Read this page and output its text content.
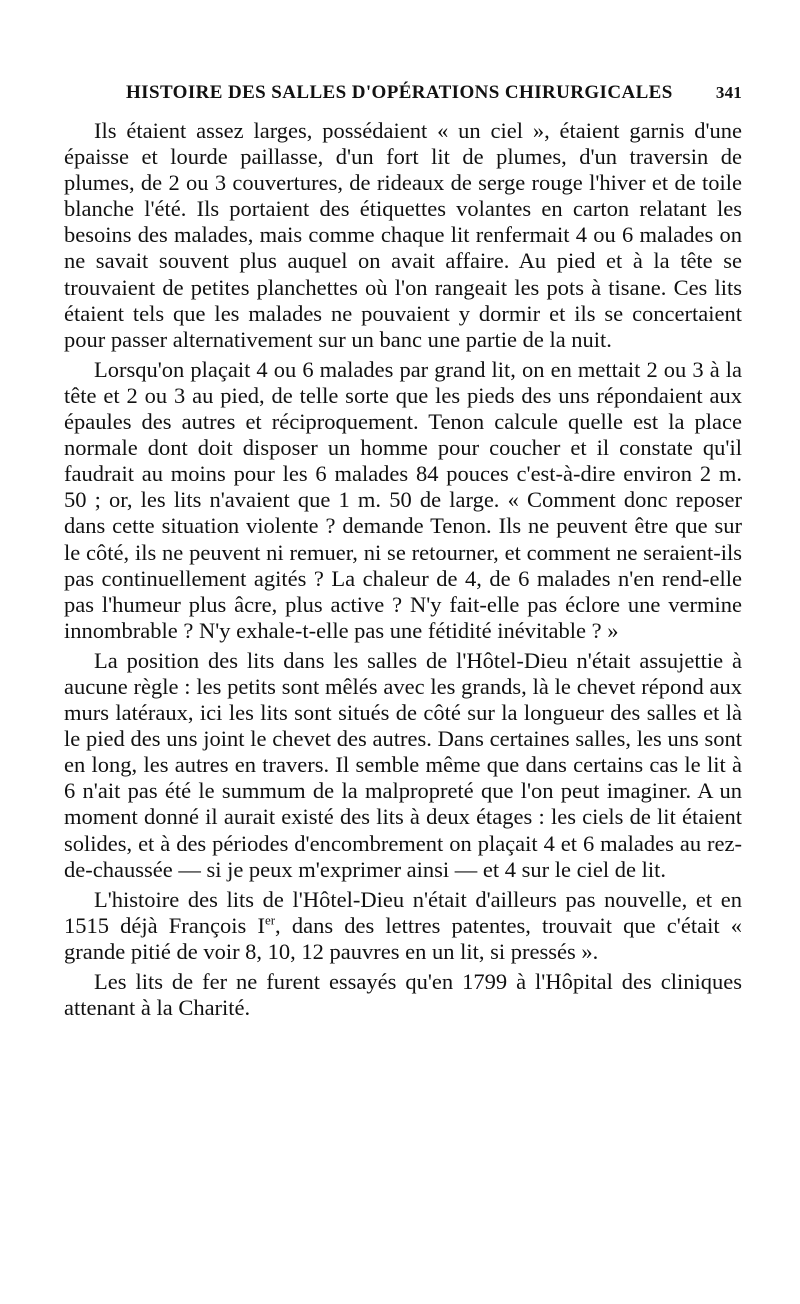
HISTOIRE DES SALLES D'OPÉRATIONS CHIRURGICALES	341

Ils étaient assez larges, possédaient « un ciel », étaient garnis d'une épaisse et lourde paillasse, d'un fort lit de plumes, d'un traversin de plumes, de 2 ou 3 couvertures, de rideaux de serge rouge l'hiver et de toile blanche l'été. Ils portaient des étiquettes volantes en carton relatant les besoins des malades, mais comme chaque lit renfermait 4 ou 6 malades on ne savait souvent plus auquel on avait affaire. Au pied et à la tête se trouvaient de petites planchettes où l'on rangeait les pots à tisane. Ces lits étaient tels que les malades ne pouvaient y dormir et ils se concertaient pour passer alternativement sur un banc une partie de la nuit.

Lorsqu'on plaçait 4 ou 6 malades par grand lit, on en mettait 2 ou 3 à la tête et 2 ou 3 au pied, de telle sorte que les pieds des uns répondaient aux épaules des autres et réciproquement. Tenon calcule quelle est la place normale dont doit disposer un homme pour coucher et il constate qu'il faudrait au moins pour les 6 malades 84 pouces c'est-à-dire environ 2 m. 50 ; or, les lits n'avaient que 1 m. 50 de large. « Comment donc reposer dans cette situation violente ? demande Tenon. Ils ne peuvent être que sur le côté, ils ne peuvent ni remuer, ni se retourner, et comment ne seraient-ils pas continuellement agités ? La chaleur de 4, de 6 malades n'en rend-elle pas l'humeur plus âcre, plus active ? N'y fait-elle pas éclore une vermine innombrable ? N'y exhale-t-elle pas une fétidité inévitable ? »

La position des lits dans les salles de l'Hôtel-Dieu n'était assujettie à aucune règle : les petits sont mêlés avec les grands, là le chevet répond aux murs latéraux, ici les lits sont situés de côté sur la longueur des salles et là le pied des uns joint le chevet des autres. Dans certaines salles, les uns sont en long, les autres en travers. Il semble même que dans certains cas le lit à 6 n'ait pas été le summum de la malpropreté que l'on peut imaginer. A un moment donné il aurait existé des lits à deux étages : les ciels de lit étaient solides, et à des périodes d'encombrement on plaçait 4 et 6 malades au rez-de-chaussée — si je peux m'exprimer ainsi — et 4 sur le ciel de lit.

L'histoire des lits de l'Hôtel-Dieu n'était d'ailleurs pas nouvelle, et en 1515 déjà François Ier, dans des lettres patentes, trouvait que c'était « grande pitié de voir 8, 10, 12 pauvres en un lit, si pressés ».

Les lits de fer ne furent essayés qu'en 1799 à l'Hôpital des cliniques attenant à la Charité.
